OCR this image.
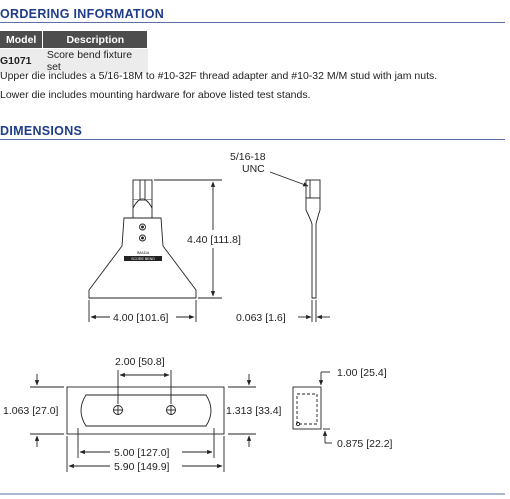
ORDERING INFORMATION
Model	Description
G1071	Score bend fixture set
Upper die includes a 5/16-18M to #10-32F thread adapter and #10-32 M/M stud with jam nuts.
Lower die includes mounting hardware for above listed test stands.
DIMENSIONS
IMADA
SCORE BEND
5/16-18
UNC
4.40 [111.8]
4.00 [101.6]	0.063 [1.6]
2.00 [50.8]
1.063 [27.0]	1.313 [33.4]
5.00 [127.0]
5.90 [149.9]
1.00 [25.4]
0.875 [22.2]
